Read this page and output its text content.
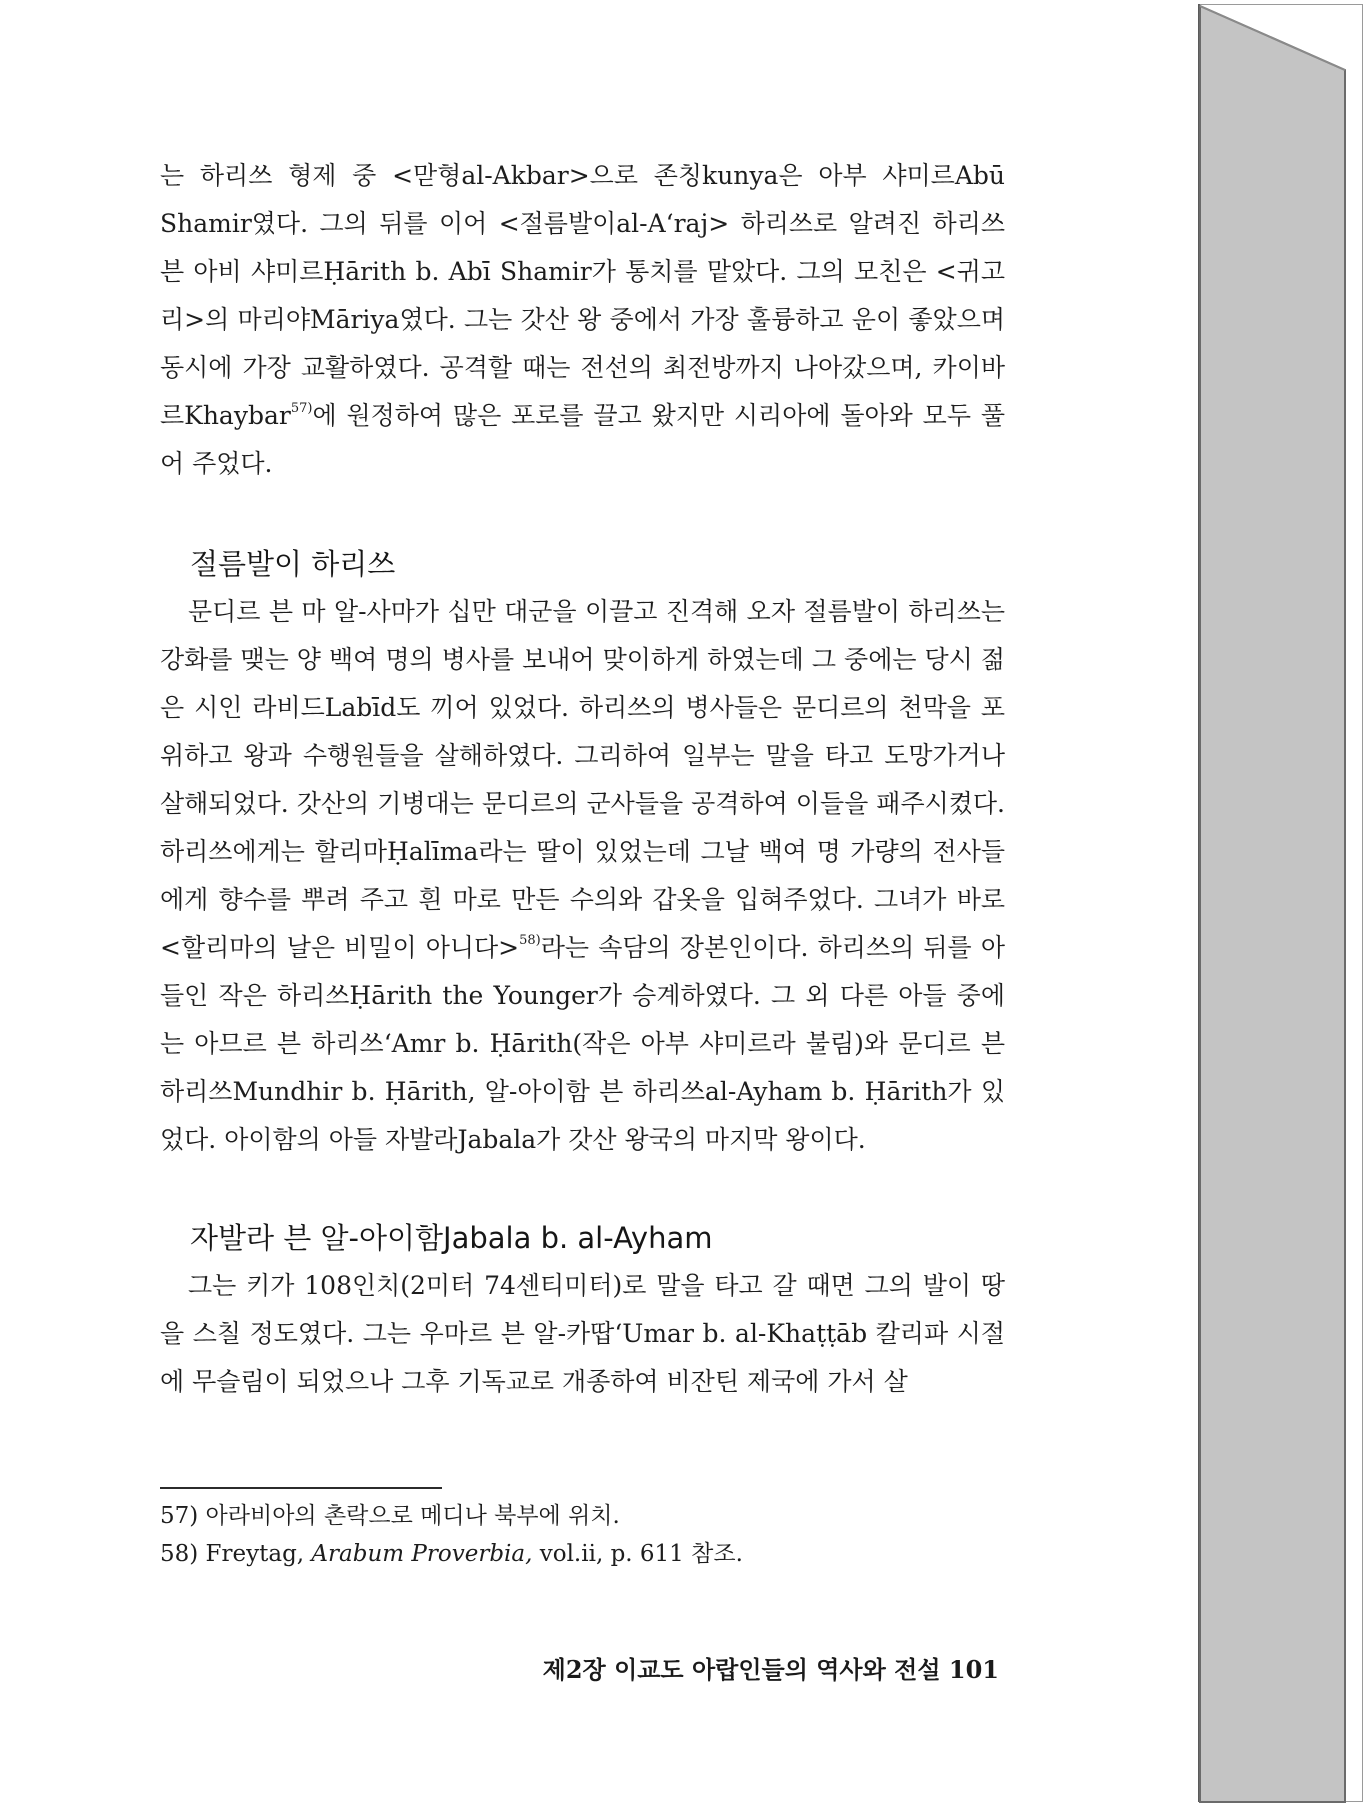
는 하리쓰 형제 중 <맏형al-Akbar>으로 존칭kunya은 아부 샤미르Abū Shamir였다. 그의 뒤를 이어 <절름발이al-A‘raj> 하리쓰로 알려진 하리쓰 븐 아비 샤미르Ḥārith b. Abī Shamir가 통치를 맡았다. 그의 모친은 <귀고리>의 마리야Māriya였다. 그는 갓산 왕 중에서 가장 훌륭하고 운이 좋았으며 동시에 가장 교활하였다. 공격할 때는 전선의 최전방까지 나아갔으며, 카이바르Khaybar$^{57)}$에 원정하여 많은 포로를 끌고 왔지만 시리아에 돌아와 모두 풀어 주었다.

절름발이 하리쓰

문디르 븐 마 알-사마가 십만 대군을 이끌고 진격해 오자 절름발이 하리쓰는 강화를 맺는 양 백여 명의 병사를 보내어 맞이하게 하였는데 그 중에는 당시 젊은 시인 라비드Labīd도 끼어 있었다. 하리쓰의 병사들은 문디르의 천막을 포위하고 왕과 수행원들을 살해하였다. 그리하여 일부는 말을 타고 도망가거나 살해되었다. 갓산의 기병대는 문디르의 군사들을 공격하여 이들을 패주시켰다. 하리쓰에게는 할리마Ḥalīma라는 딸이 있었는데 그날 백여 명 가량의 전사들에게 향수를 뿌려 주고 흰 마로 만든 수의와 갑옷을 입혀주었다. 그녀가 바로 <할리마의 날은 비밀이 아니다>$^{58)}$라는 속담의 장본인이다. 하리쓰의 뒤를 아들인 작은 하리쓰Ḥārith the Younger가 승계하였다. 그 외 다른 아들 중에는 아므르 븐 하리쓰‘Amr b. Ḥārith(작은 아부 샤미르라 불림)와 문디르 븐 하리쓰Mundhir b. Ḥārith, 알-아이함 븐 하리쓰al-Ayham b. Ḥārith가 있었다. 아이함의 아들 자발라Jabala가 갓산 왕국의 마지막 왕이다.

자발라 븐 알-아이함Jabala b. al-Ayham

그는 키가 108인치(2미터 74센티미터)로 말을 타고 갈 때면 그의 발이 땅을 스칠 정도였다. 그는 우마르 븐 알-카땁‘Umar b. al-Khaṭṭāb 칼리파 시절에 무슬림이 되었으나 그후 기독교로 개종하여 비잔틴 제국에 가서 살

57) 아라비아의 촌락으로 메디나 북부에 위치.

58) Freytag, Arabum Proverbia, vol.ii, p. 611 참조.

제2장 이교도 아랍인들의 역사와 전설 101
